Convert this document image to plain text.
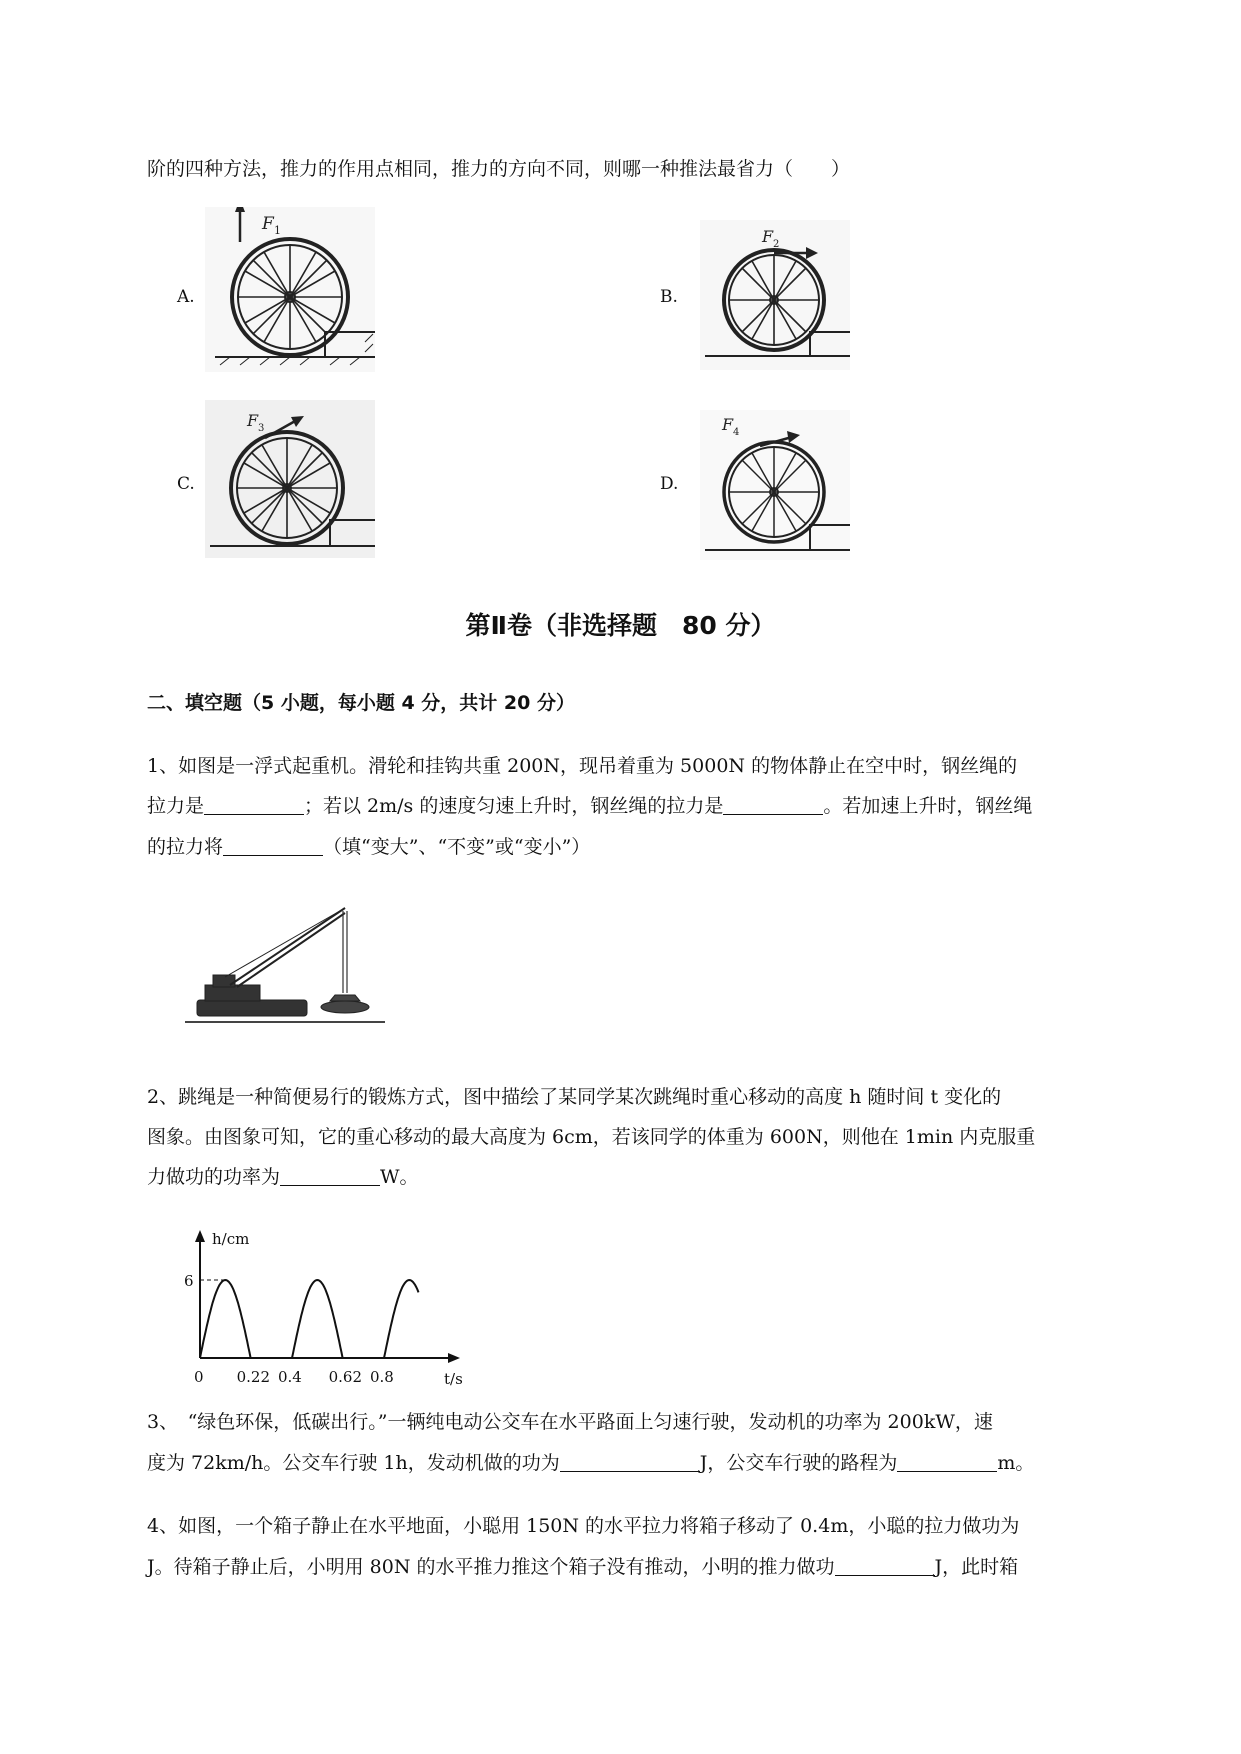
阶的四种方法，推力的作用点相同，推力的方向不同，则哪一种推法最省力（　　）
A.
F 1
B.
F 2
C.
F 3
D.
F 4
第Ⅱ卷（非选择题　80 分）
二、填空题（5 小题，每小题 4 分，共计 20 分）
1、如图是一浮式起重机。滑轮和挂钩共重 200N，现吊着重为 5000N 的物体静止在空中时，钢丝绳的
拉力是	；若以 2m/s 的速度匀速上升时，钢丝绳的拉力是	。若加速上升时，钢丝绳
的拉力将	（填“变大”、“不变”或“变小”）
2、跳绳是一种简便易行的锻炼方式，图中描绘了某同学某次跳绳时重心移动的高度 h 随时间 t 变化的
图象。由图象可知，它的重心移动的最大高度为 6cm，若该同学的体重为 600N，则他在 1min 内克服重
力做功的功率为	W。
h/cm
t/s
6
0 0.22 0.4 0.62 0.8
3、　“绿色环保，低碳出行。”一辆纯电动公交车在水平路面上匀速行驶，发动机的功率为 200kW，速
度为 72km/h。公交车行驶 1h，发动机做的功为	J，公交车行驶的路程为	m。
4、如图，一个箱子静止在水平地面，小聪用 150N 的水平拉力将箱子移动了 0.4m，小聪的拉力做功为
J。待箱子静止后，小明用 80N 的水平推力推这个箱子没有推动，小明的推力做功	J，此时箱
